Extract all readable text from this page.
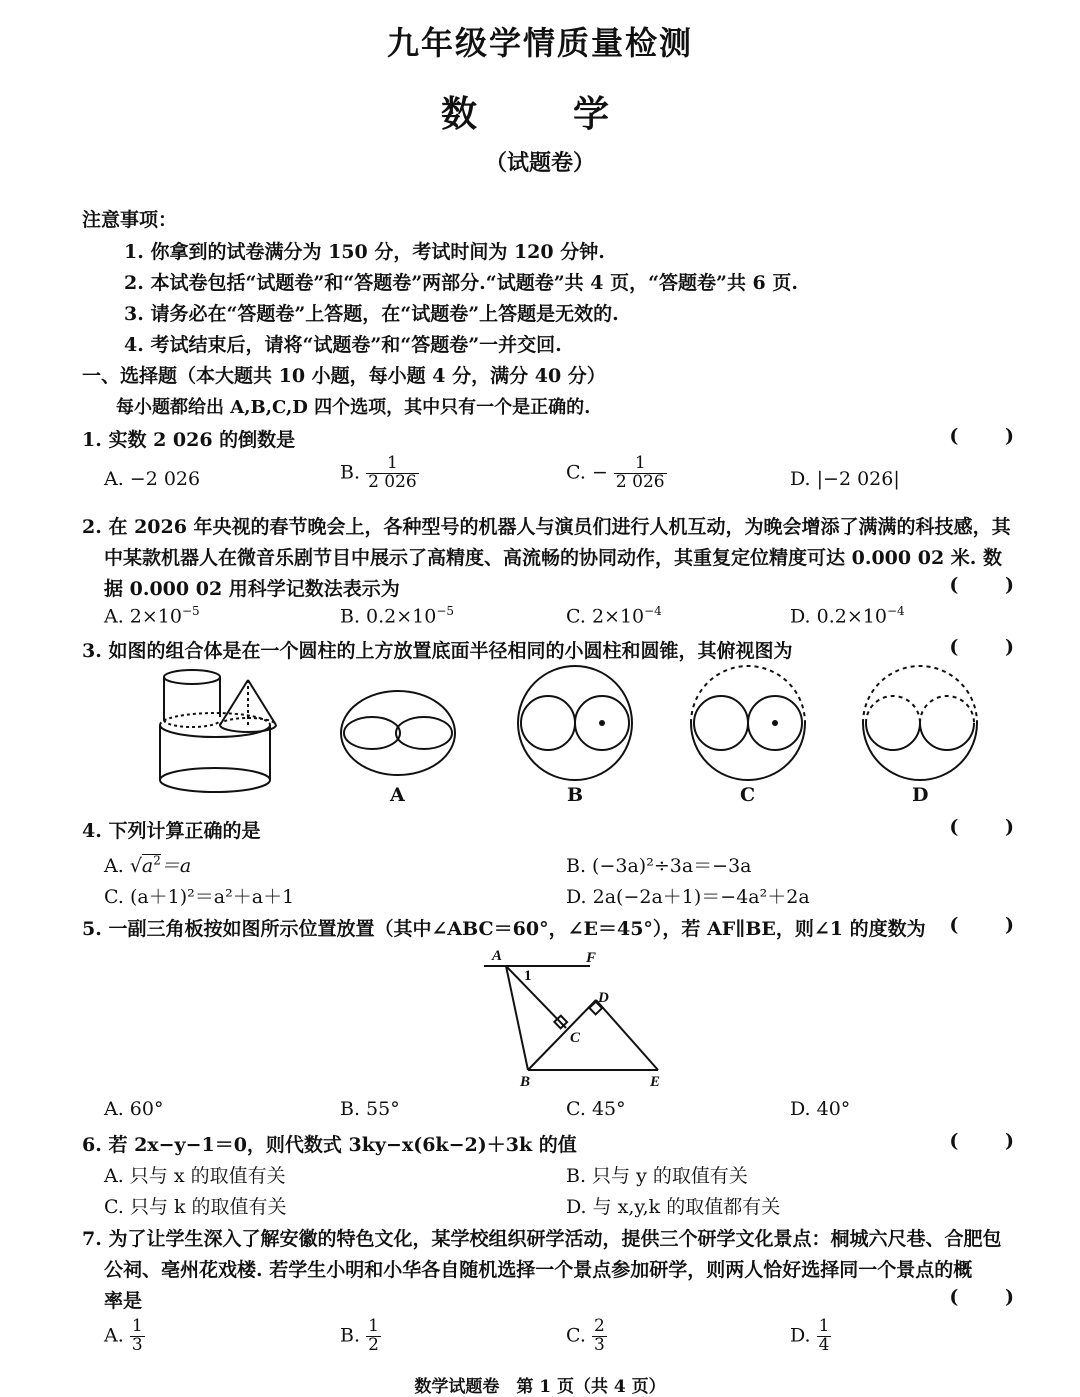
九年级学情质量检测
数　学
（试题卷）
注意事项：
1. 你拿到的试卷满分为 150 分，考试时间为 120 分钟.
2. 本试卷包括“试题卷”和“答题卷”两部分.“试题卷”共 4 页，“答题卷”共 6 页.
3. 请务必在“答题卷”上答题，在“试题卷”上答题是无效的.
4. 考试结束后，请将“试题卷”和“答题卷”一并交回.
一、选择题（本大题共 10 小题，每小题 4 分，满分 40 分）
每小题都给出 A,B,C,D 四个选项，其中只有一个是正确的.
1. 实数 2 026 的倒数是	( )
A. −2 026	B. $\frac{1}{2 026}$	C. − $\frac{1}{2 026}$	D. |−2 026|
2. 在 2026 年央视的春节晚会上，各种型号的机器人与演员们进行人机互动，为晚会增添了满满的科技感，其
中某款机器人在微音乐剧节目中展示了高精度、高流畅的协同动作，其重复定位精度可达 0.000 02 米. 数
据 0.000 02 用科学记数法表示为	( )
A. $2\times 10^{-5}$	B. $0.2\times 10^{-5}$	C. $2\times 10^{-4}$	D. $0.2\times 10^{-4}$
3. 如图的组合体是在一个圆柱的上方放置底面半径相同的小圆柱和圆锥，其俯视图为	( )
A	B	C	D
4. 下列计算正确的是	( )
A. $√a^2=a$	B. (−3a)²÷3a＝−3a
C. (a＋1)²＝a²＋a＋1	D. 2a(−2a＋1)＝−4a²＋2a
5. 一副三角板按如图所示位置放置（其中∠ABC＝60°，∠E＝45°），若 AF∥BE，则∠1 的度数为 ( )
A	F
1
D
C
B	E
A. 60°	B. 55°	C. 45°	D. 40°
6. 若 2x−y−1＝0，则代数式 3ky−x(6k−2)＋3k 的值	( )
A. 只与 x 的取值有关	B. 只与 y 的取值有关
C. 只与 k 的取值有关	D. 与 x,y,k 的取值都有关
7. 为了让学生深入了解安徽的特色文化，某学校组织研学活动，提供三个研学文化景点：桐城六尺巷、合肥包
公祠、亳州花戏楼. 若学生小明和小华各自随机选择一个景点参加研学，则两人恰好选择同一个景点的概
率是	( )
A. $\frac{1}{3}$	B. $\frac{1}{2}$	C. $\frac{2}{3}$	D. $\frac{1}{4}$
数学试题卷　第 1 页（共 4 页）
